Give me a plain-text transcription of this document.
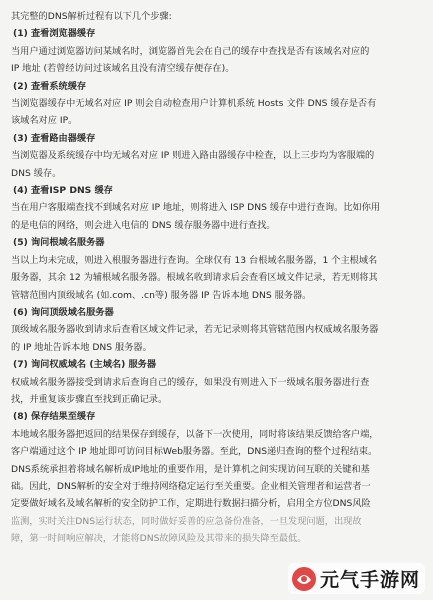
其完整的DNS解析过程有以下几个步骤:
(1) 查看浏览器缓存
当用户通过浏览器访问某域名时，浏览器首先会在自己的缓存中查找是否有该域名对应的
IP 地址 (若曾经访问过该域名且没有清空缓存便存在)。
(2) 查看系统缓存
当浏览器缓存中无域名对应 IP 则会自动检查用户计算机系统 Hosts 文件 DNS 缓存是否有
该域名对应 IP。
(3) 查看路由器缓存
当浏览器及系统缓存中均无域名对应 IP 则进入路由器缓存中检查，以上三步均为客服端的
DNS 缓存。
(4) 查看ISP DNS 缓存
当在用户客服端查找不到域名对应 IP 地址，则将进入 ISP DNS 缓存中进行查询。比如你用
的是电信的网络，则会进入电信的 DNS 缓存服务器中进行查找。
(5) 询问根域名服务器
当以上均未完成，则进入根服务器进行查询。全球仅有 13 台根域名服务器，1 个主根域名
服务器，其余 12 为辅根域名服务器。根域名收到请求后会查看区域文件记录，若无则将其
管辖范围内顶级域名 (如.com、.cn等) 服务器 IP 告诉本地 DNS 服务器。
(6) 询问顶级域名服务器
顶级域名服务器收到请求后查看区域文件记录，若无记录则将其管辖范围内权威域名服务器
的 IP 地址告诉本地 DNS 服务器。
(7) 询问权威域名 (主域名) 服务器
权威域名服务器接受到请求后查询自己的缓存，如果没有则进入下一级域名服务器进行查
找，并重复该步骤直至找到正确记录。
(8) 保存结果至缓存
本地域名服务器把返回的结果保存到缓存，以备下一次使用，同时将该结果反馈给客户端，
客户端通过这个 IP 地址即可访问目标Web服务器。至此，DNS递归查询的整个过程结束。
DNS系统承担着将域名解析成IP地址的重要作用，是计算机之间实现访问互联的关键和基
础。因此，DNS解析的安全对于维持网络稳定运行至关重要。企业相关管理者和运营者一
定要做好域名及域名解析的安全防护工作，定期进行数据扫描分析，启用全方位DNS风险
监测，实时关注DNS运行状态，同时做好妥善的应急备份准备，一旦发现问题，出现故
障，第一时间响应解决，才能将DNS故障风险及其带来的损失降至最低。
元气手游网
